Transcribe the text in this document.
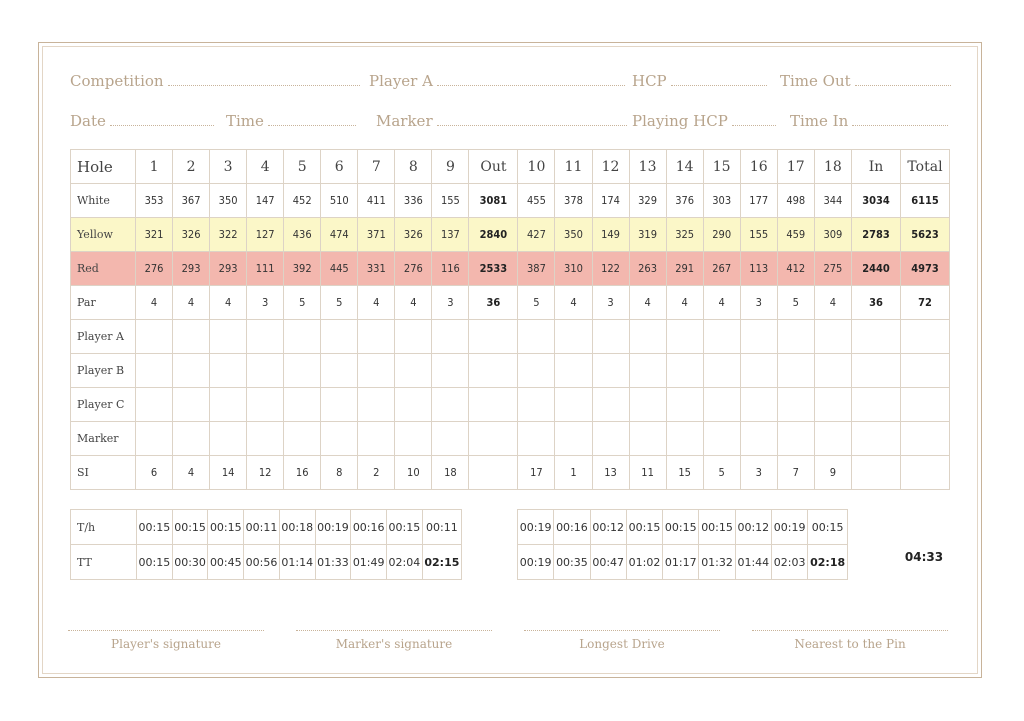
Competition	Player A	HCP	Time Out
Date	Time	Marker	Playing HCP	Time In
Hole	1	2	3	4	5	6	7	8	9	Out	10	11	12	13	14	15	16	17	18	In	Total
White	353	367	350	147	452	510	411	336	155	3081	455	378	174	329	376	303	177	498	344	3034	6115
Yellow	321	326	322	127	436	474	371	326	137	2840	427	350	149	319	325	290	155	459	309	2783	5623
Red	276	293	293	111	392	445	331	276	116	2533	387	310	122	263	291	267	113	412	275	2440	4973
Par	4	4	4	3	5	5	4	4	3	36	5	4	3	4	4	4	3	5	4	36	72
Player A																					
Player B																					
Player C																					
Marker																					
SI	6	4	14	12	16	8	2	10	18		17	1	13	11	15	5	3	7	9		
T/h	00:15	00:15	00:15	00:11	00:18	00:19	00:16	00:15	00:11
TT	00:15	00:30	00:45	00:56	01:14	01:33	01:49	02:04	02:15
00:19	00:16	00:12	00:15	00:15	00:15	00:12	00:19	00:15
00:19	00:35	00:47	01:02	01:17	01:32	01:44	02:03	02:18	04:33
Player's signature	Marker's signature	Longest Drive	Nearest to the Pin
